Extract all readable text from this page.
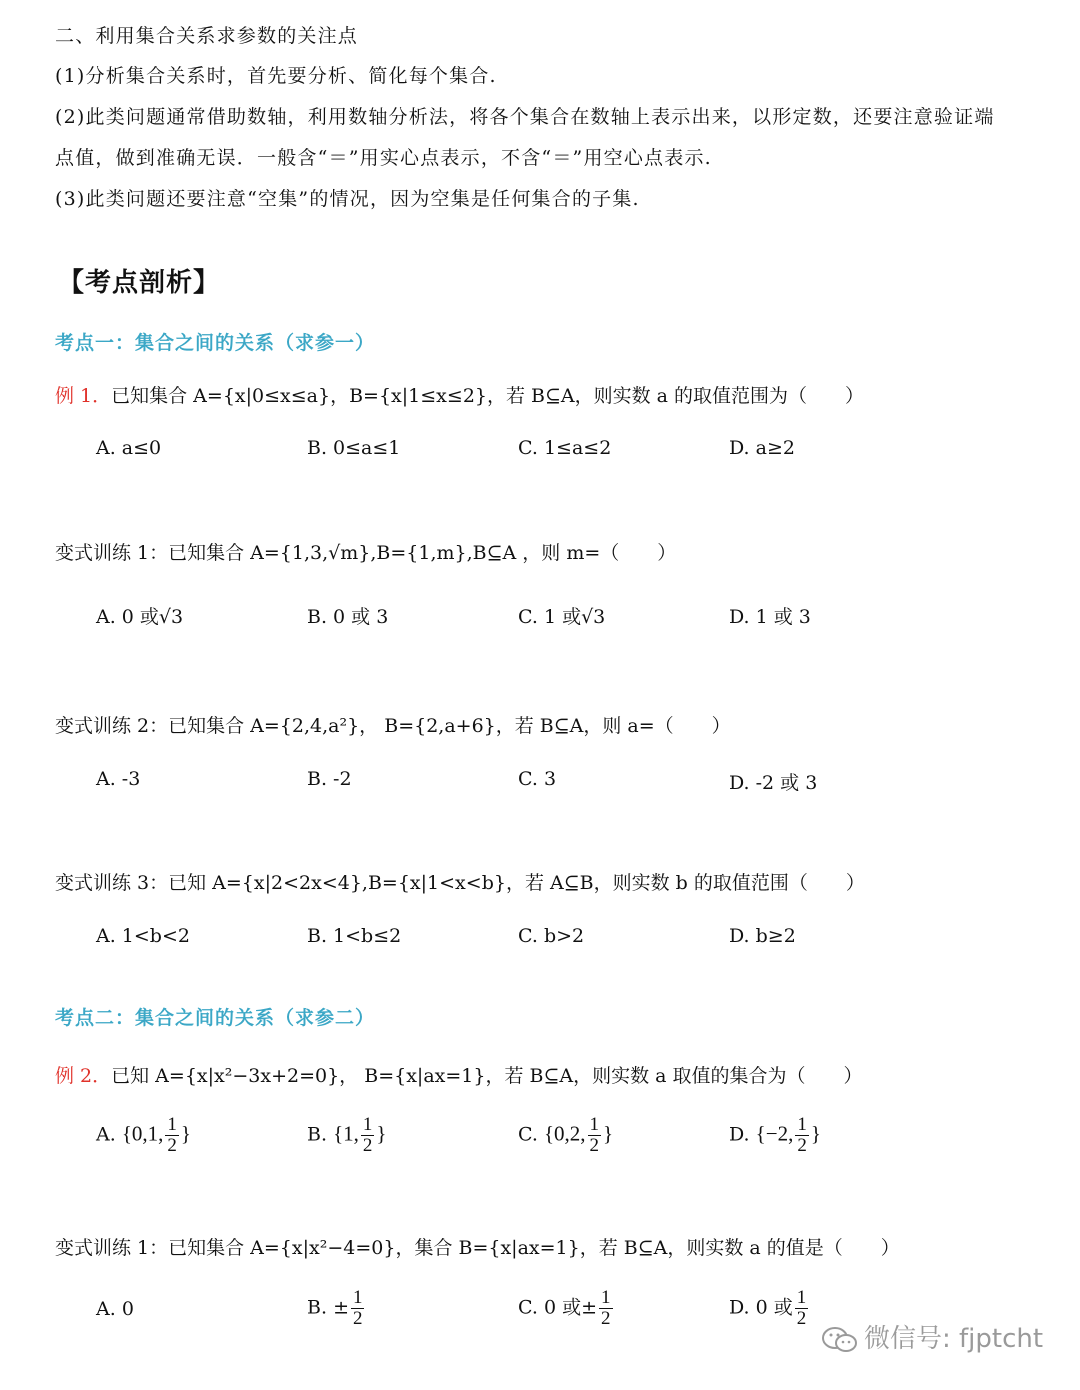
二、利用集合关系求参数的关注点
(1)分析集合关系时，首先要分析、简化每个集合.
(2)此类问题通常借助数轴，利用数轴分析法，将各个集合在数轴上表示出来，以形定数，还要注意验证端
点值，做到准确无误．一般含“＝”用实心点表示，不含“＝”用空心点表示.
(3)此类问题还要注意“空集”的情况，因为空集是任何集合的子集.
【考点剖析】
考点一：集合之间的关系（求参一）
例 1．已知集合 A={x|0≤x≤a}，B={x|1≤x≤2}，若 B⊆A，则实数 a 的取值范围为（　　）
A. a≤0	B. 0≤a≤1	C. 1≤a≤2	D. a≥2
变式训练 1：已知集合 A={1,3,√m},B={1,m},B⊆A ，则 m=（　　）
A. 0 或√3	B. 0 或 3	C. 1 或√3	D. 1 或 3
变式训练 2：已知集合 A={2,4,a²}， B={2,a+6}，若 B⊆A，则 a=（　　）
A. -3	B. -2	C. 3	D. -2 或 3
变式训练 3：已知 A={x|2<2x<4},B={x|1<x<b}，若 A⊆B，则实数 b 的取值范围（　　）
A. 1<b<2	B. 1<b≤2	C. b>2	D. b≥2
考点二：集合之间的关系（求参二）
例 2．已知 A={x|x²−3x+2=0}， B={x|ax=1}，若 B⊆A，则实数 a 取值的集合为（　　）
A. {0,1, $\frac{1}{2}$ }	B. {1, $\frac{1}{2}$ }	C. {0,2, $\frac{1}{2}$ }	D. {−2, $\frac{1}{2}$ }
变式训练 1：已知集合 A={x|x²−4=0}，集合 B={x|ax=1}，若 B⊆A，则实数 a 的值是（　　）
A. 0	B. ± $\frac{1}{2}$	C. 0 或± $\frac{1}{2}$	D. 0 或 $\frac{1}{2}$
微信号: fjptcht
